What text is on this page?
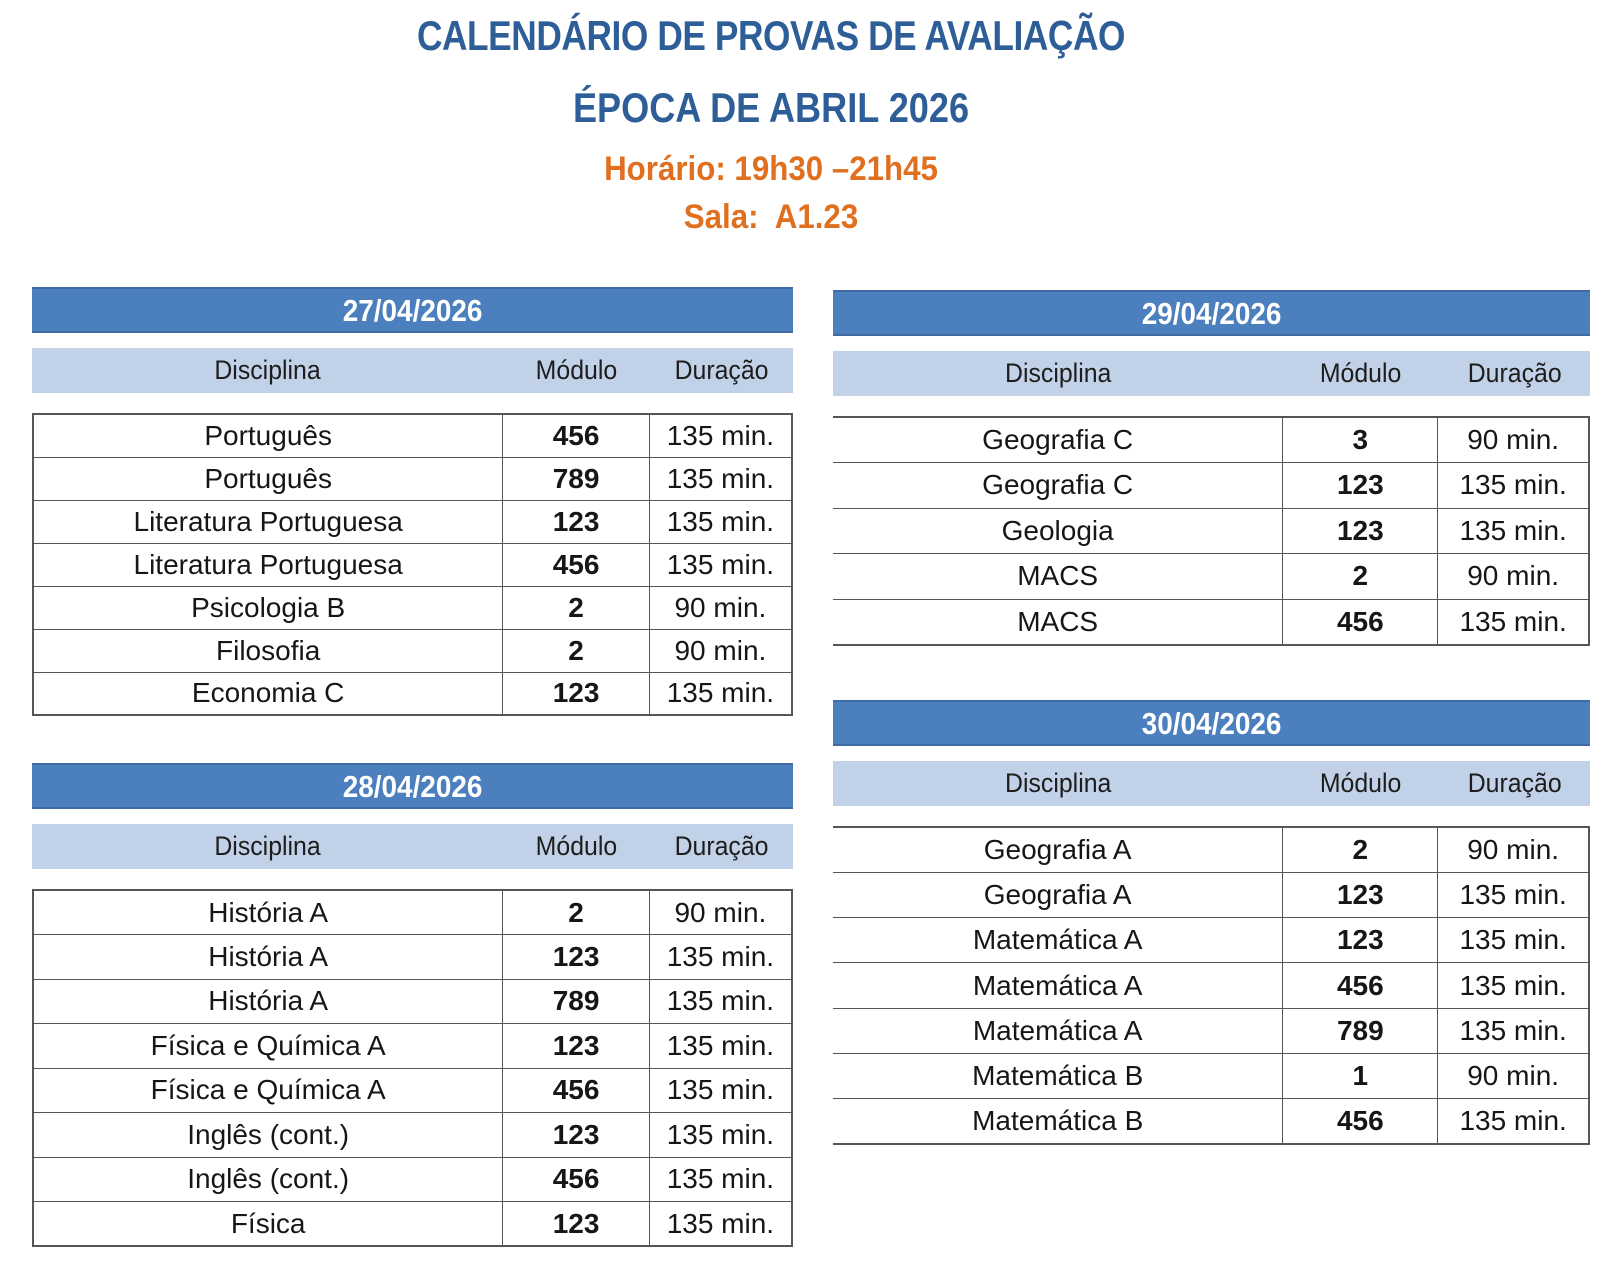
CALENDÁRIO DE PROVAS DE AVALIAÇÃO
ÉPOCA DE ABRIL 2026
Horário: 19h30 –21h45
Sala:  A1.23
27/04/2026
Disciplina	Módulo	Duração
Português	456	135 min.
Português	789	135 min.
Literatura Portuguesa	123	135 min.
Literatura Portuguesa	456	135 min.
Psicologia B	2	90 min.
Filosofia	2	90 min.
Economia C	123	135 min.
28/04/2026
Disciplina	Módulo	Duração
História A	2	90 min.
História A	123	135 min.
História A	789	135 min.
Física e Química A	123	135 min.
Física e Química A	456	135 min.
Inglês (cont.)	123	135 min.
Inglês (cont.)	456	135 min.
Física	123	135 min.
29/04/2026
Disciplina	Módulo	Duração
Geografia C	3	90 min.
Geografia C	123	135 min.
Geologia	123	135 min.
MACS	2	90 min.
MACS	456	135 min.
30/04/2026
Disciplina	Módulo	Duração
Geografia A	2	90 min.
Geografia A	123	135 min.
Matemática A	123	135 min.
Matemática A	456	135 min.
Matemática A	789	135 min.
Matemática B	1	90 min.
Matemática B	456	135 min.
